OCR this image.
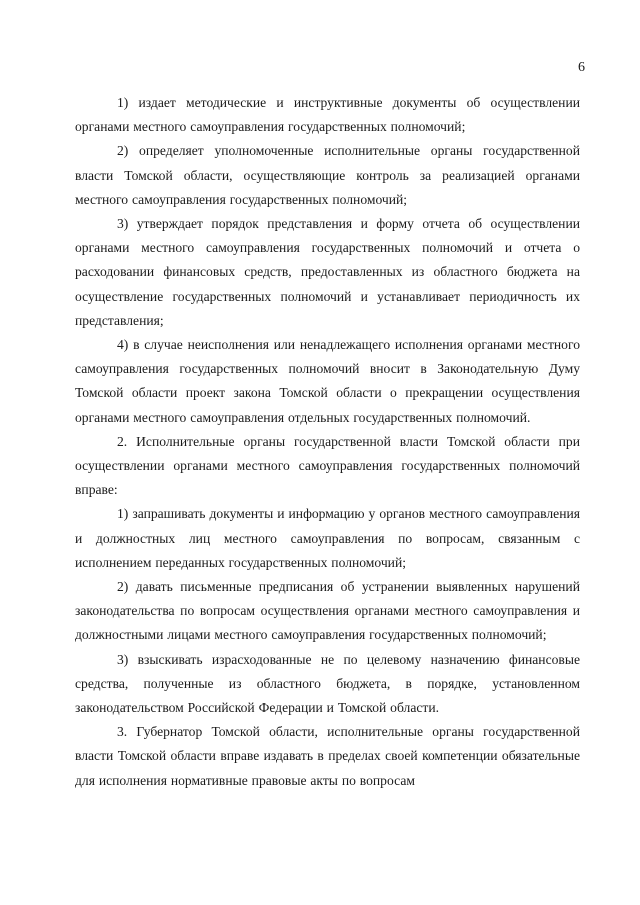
6

1) издает методические и инструктивные документы об осуществлении органами местного самоуправления государственных полномочий;

2) определяет уполномоченные исполнительные органы государственной власти Томской области, осуществляющие контроль за реализацией органами местного самоуправления государственных полномочий;

3) утверждает порядок представления и форму отчета об осуществлении органами местного самоуправления государственных полномочий и отчета о расходовании финансовых средств, предоставленных из областного бюджета на осуществление государственных полномочий и устанавливает периодичность их представления;

4) в случае неисполнения или ненадлежащего исполнения органами местного самоуправления государственных полномочий вносит в Законодательную Думу Томской области проект закона Томской области о прекращении осуществления органами местного самоуправления отдельных государственных полномочий.

2. Исполнительные органы государственной власти Томской области при осуществлении органами местного самоуправления государственных полномочий вправе:

1) запрашивать документы и информацию у органов местного самоуправления и должностных лиц местного самоуправления по вопросам, связанным с исполнением переданных государственных полномочий;

2) давать письменные предписания об устранении выявленных нарушений законодательства по вопросам осуществления органами местного самоуправления и должностными лицами местного самоуправления государственных полномочий;

3) взыскивать израсходованные не по целевому назначению финансовые средства, полученные из областного бюджета, в порядке, установленном законодательством Российской Федерации и Томской области.

3. Губернатор Томской области, исполнительные органы государственной власти Томской области вправе издавать в пределах своей компетенции обязательные для исполнения нормативные правовые акты по вопросам
